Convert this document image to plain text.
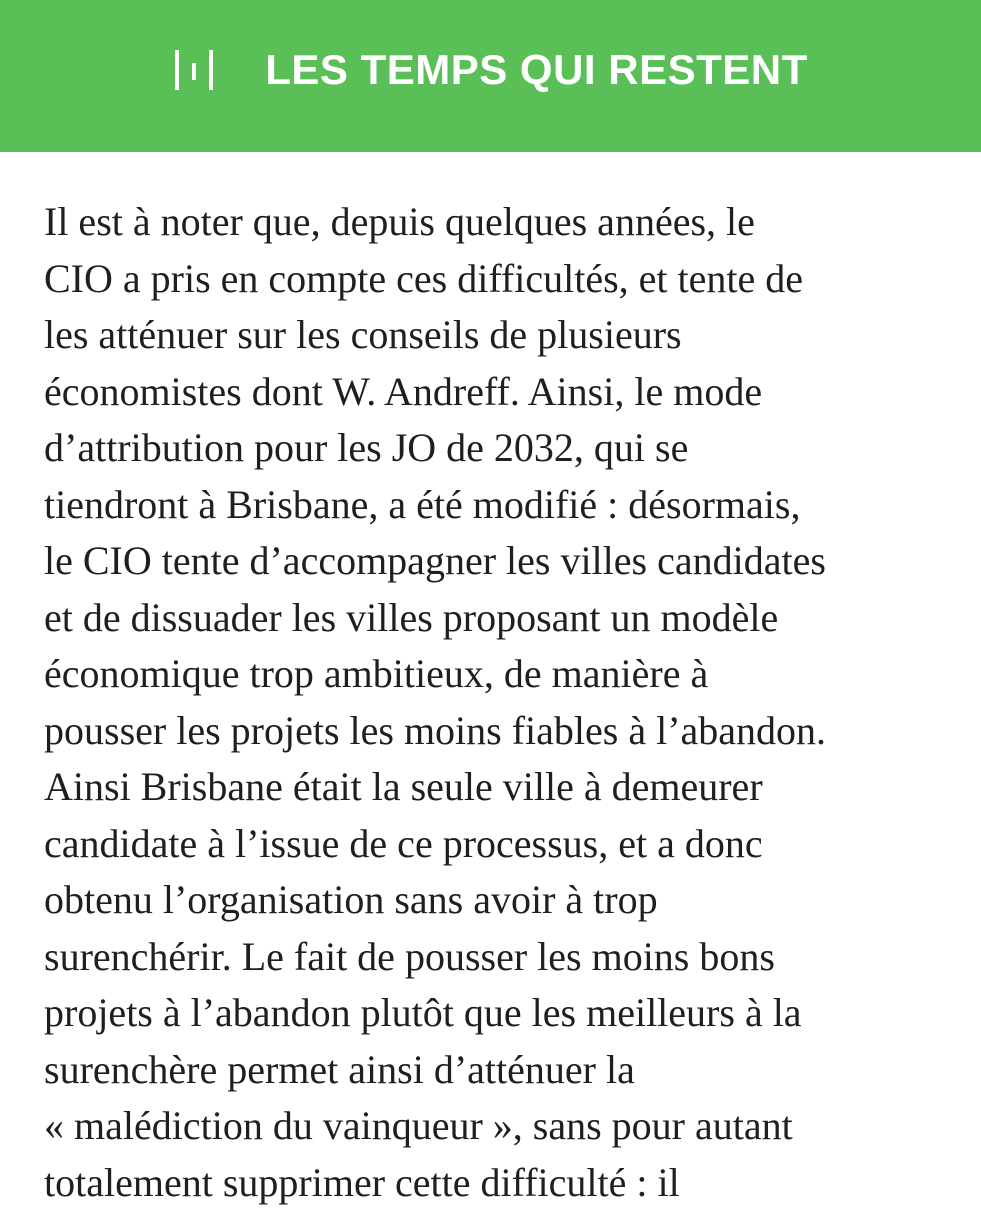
LES TEMPS QUI RESTENT
Il est à noter que, depuis quelques années, le
CIO a pris en compte ces difficultés, et tente de
les atténuer sur les conseils de plusieurs
économistes dont W. Andreff. Ainsi, le mode
d’attribution pour les JO de 2032, qui se
tiendront à Brisbane, a été modifié : désormais,
le CIO tente d’accompagner les villes candidates
et de dissuader les villes proposant un modèle
économique trop ambitieux, de manière à
pousser les projets les moins fiables à l’abandon.
Ainsi Brisbane était la seule ville à demeurer
candidate à l’issue de ce processus, et a donc
obtenu l’organisation sans avoir à trop
surenchérir. Le fait de pousser les moins bons
projets à l’abandon plutôt que les meilleurs à la
surenchère permet ainsi d’atténuer la
« malédiction du vainqueur », sans pour autant
totalement supprimer cette difficulté : il
